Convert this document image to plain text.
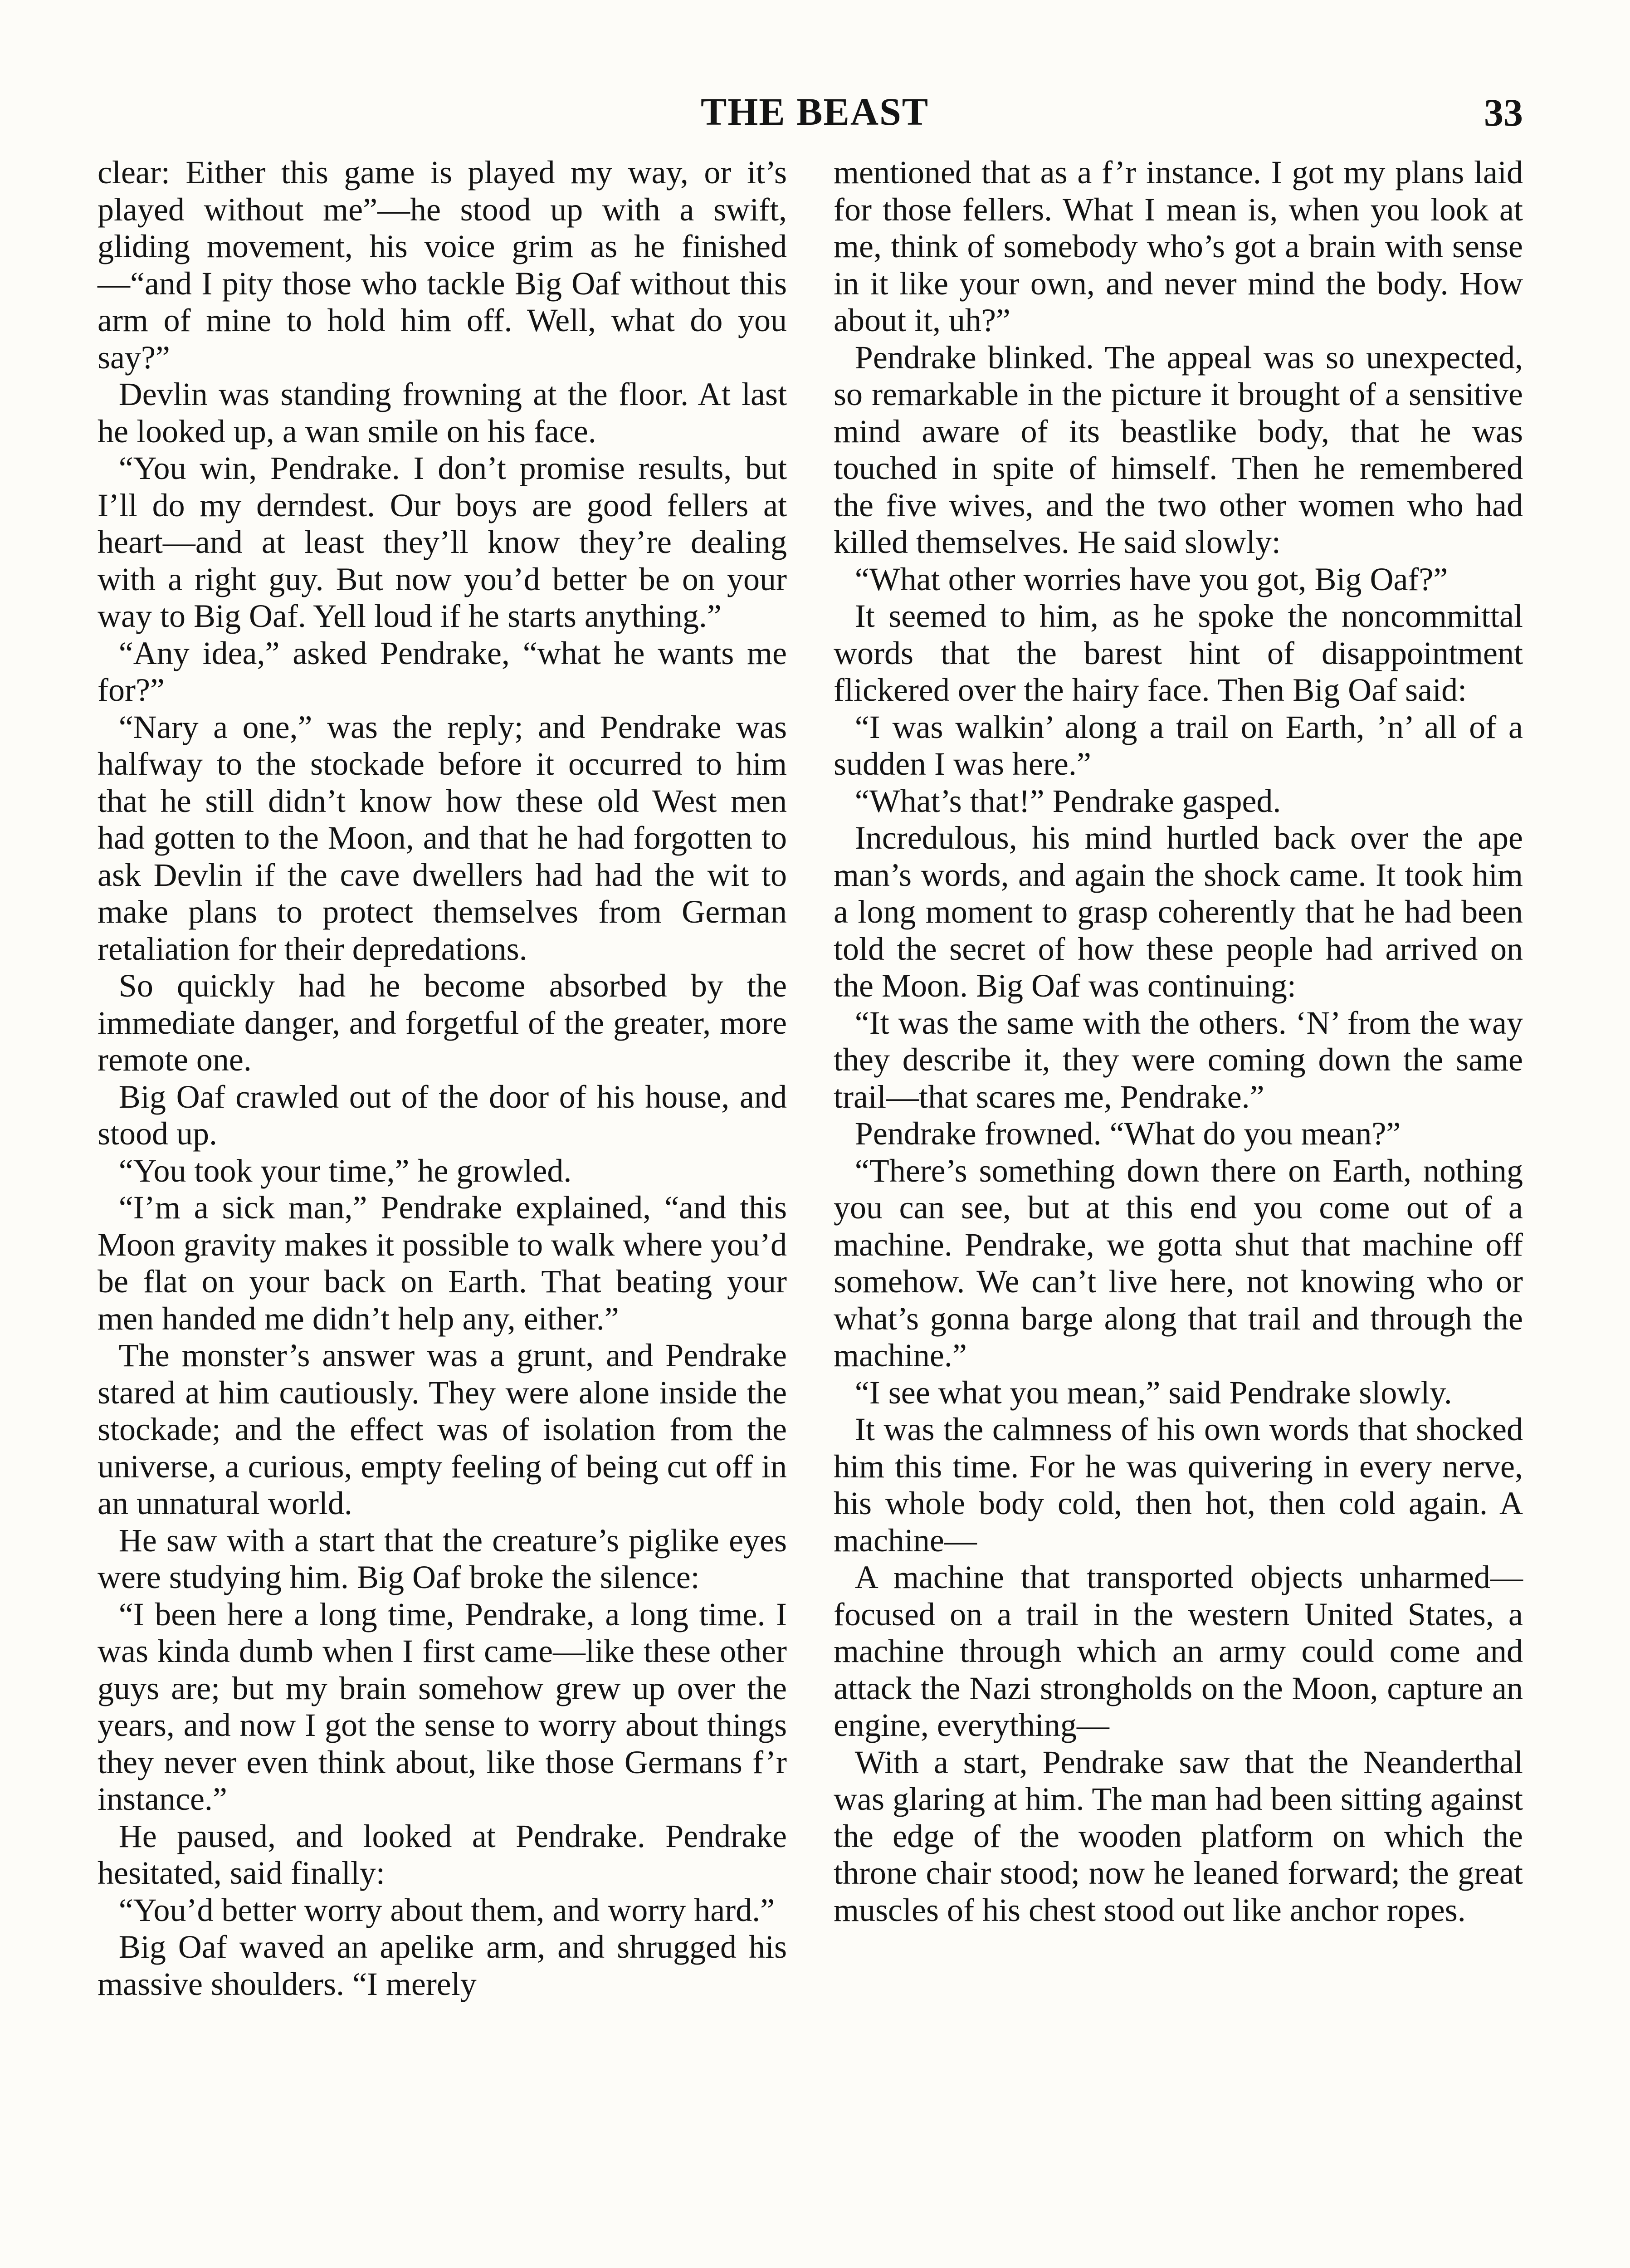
THE BEAST	33

clear: Either this game is played my way, or it’s played without me”—he stood up with a swift, gliding movement, his voice grim as he finished—“and I pity those who tackle Big Oaf without this arm of mine to hold him off. Well, what do you say?”

Devlin was standing frowning at the floor. At last he looked up, a wan smile on his face.

“You win, Pendrake. I don’t promise results, but I’ll do my derndest. Our boys are good fellers at heart—and at least they’ll know they’re dealing with a right guy. But now you’d better be on your way to Big Oaf. Yell loud if he starts anything.”

“Any idea,” asked Pendrake, “what he wants me for?”

“Nary a one,” was the reply; and Pendrake was halfway to the stockade before it occurred to him that he still didn’t know how these old West men had gotten to the Moon, and that he had forgotten to ask Devlin if the cave dwellers had had the wit to make plans to protect themselves from German retaliation for their depredations.

So quickly had he become absorbed by the immediate danger, and forgetful of the greater, more remote one.

Big Oaf crawled out of the door of his house, and stood up.

“You took your time,” he growled.

“I’m a sick man,” Pendrake explained, “and this Moon gravity makes it possible to walk where you’d be flat on your back on Earth. That beating your men handed me didn’t help any, either.”

The monster’s answer was a grunt, and Pendrake stared at him cautiously. They were alone inside the stockade; and the effect was of isolation from the universe, a curious, empty feeling of being cut off in an unnatural world.

He saw with a start that the creature’s piglike eyes were studying him. Big Oaf broke the silence:

“I been here a long time, Pendrake, a long time. I was kinda dumb when I first came—like these other guys are; but my brain somehow grew up over the years, and now I got the sense to worry about things they never even think about, like those Germans f’r instance.”

He paused, and looked at Pendrake. Pendrake hesitated, said finally:

“You’d better worry about them, and worry hard.”

Big Oaf waved an apelike arm, and shrugged his massive shoulders. “I merely

mentioned that as a f’r instance. I got my plans laid for those fellers. What I mean is, when you look at me, think of somebody who’s got a brain with sense in it like your own, and never mind the body. How about it, uh?”

Pendrake blinked. The appeal was so unexpected, so remarkable in the picture it brought of a sensitive mind aware of its beastlike body, that he was touched in spite of himself. Then he remembered the five wives, and the two other women who had killed themselves. He said slowly:

“What other worries have you got, Big Oaf?”

It seemed to him, as he spoke the noncommittal words that the barest hint of disappointment flickered over the hairy face. Then Big Oaf said:

“I was walkin’ along a trail on Earth, ’n’ all of a sudden I was here.”

“What’s that!” Pendrake gasped.

Incredulous, his mind hurtled back over the ape man’s words, and again the shock came. It took him a long moment to grasp coherently that he had been told the secret of how these people had arrived on the Moon. Big Oaf was continuing:

“It was the same with the others. ‘N’ from the way they describe it, they were coming down the same trail—that scares me, Pendrake.”

Pendrake frowned. “What do you mean?”

“There’s something down there on Earth, nothing you can see, but at this end you come out of a machine. Pendrake, we gotta shut that machine off somehow. We can’t live here, not knowing who or what’s gonna barge along that trail and through the machine.”

“I see what you mean,” said Pendrake slowly.

It was the calmness of his own words that shocked him this time. For he was quivering in every nerve, his whole body cold, then hot, then cold again. A machine—

A machine that transported objects unharmed—focused on a trail in the western United States, a machine through which an army could come and attack the Nazi strongholds on the Moon, capture an engine, everything—

With a start, Pendrake saw that the Neanderthal was glaring at him. The man had been sitting against the edge of the wooden platform on which the throne chair stood; now he leaned forward; the great muscles of his chest stood out like anchor ropes.
